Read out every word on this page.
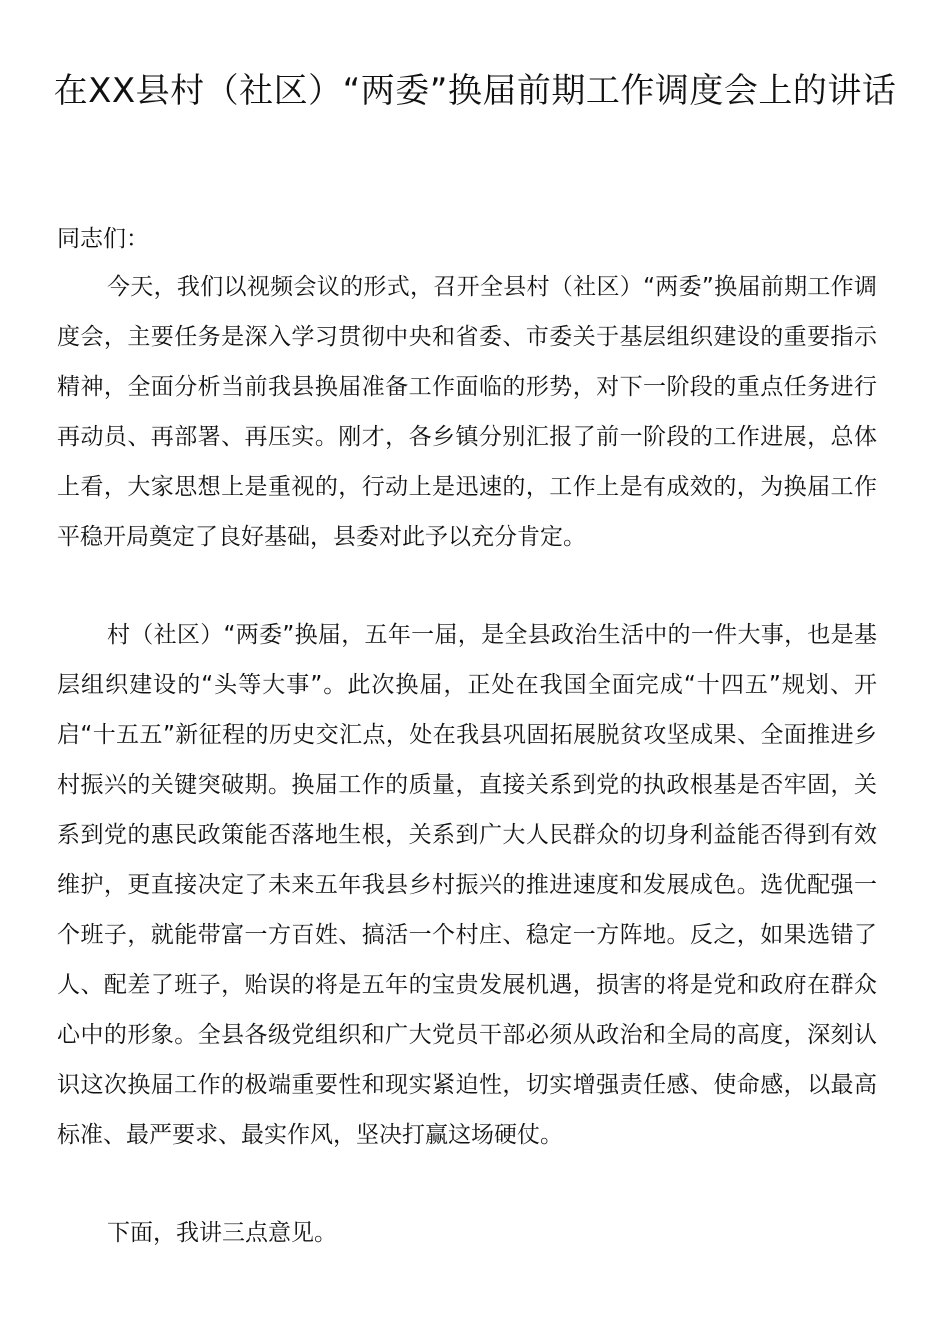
在XX县村（社区）“两委”换届前期工作调度会上的讲话

同志们：

今天，我们以视频会议的形式，召开全县村（社区）“两委”换届前期工作调度会，主要任务是深入学习贯彻中央和省委、市委关于基层组织建设的重要指示精神，全面分析当前我县换届准备工作面临的形势，对下一阶段的重点任务进行再动员、再部署、再压实。刚才，各乡镇分别汇报了前一阶段的工作进展，总体上看，大家思想上是重视的，行动上是迅速的，工作上是有成效的，为换届工作平稳开局奠定了良好基础，县委对此予以充分肯定。

村（社区）“两委”换届，五年一届，是全县政治生活中的一件大事，也是基层组织建设的“头等大事”。此次换届，正处在我国全面完成“十四五”规划、开启“十五五”新征程的历史交汇点，处在我县巩固拓展脱贫攻坚成果、全面推进乡村振兴的关键突破期。换届工作的质量，直接关系到党的执政根基是否牢固，关系到党的惠民政策能否落地生根，关系到广大人民群众的切身利益能否得到有效维护，更直接决定了未来五年我县乡村振兴的推进速度和发展成色。选优配强一个班子，就能带富一方百姓、搞活一个村庄、稳定一方阵地。反之，如果选错了人、配差了班子，贻误的将是五年的宝贵发展机遇，损害的将是党和政府在群众心中的形象。全县各级党组织和广大党员干部必须从政治和全局的高度，深刻认识这次换届工作的极端重要性和现实紧迫性，切实增强责任感、使命感，以最高标准、最严要求、最实作风，坚决打赢这场硬仗。

下面，我讲三点意见。
